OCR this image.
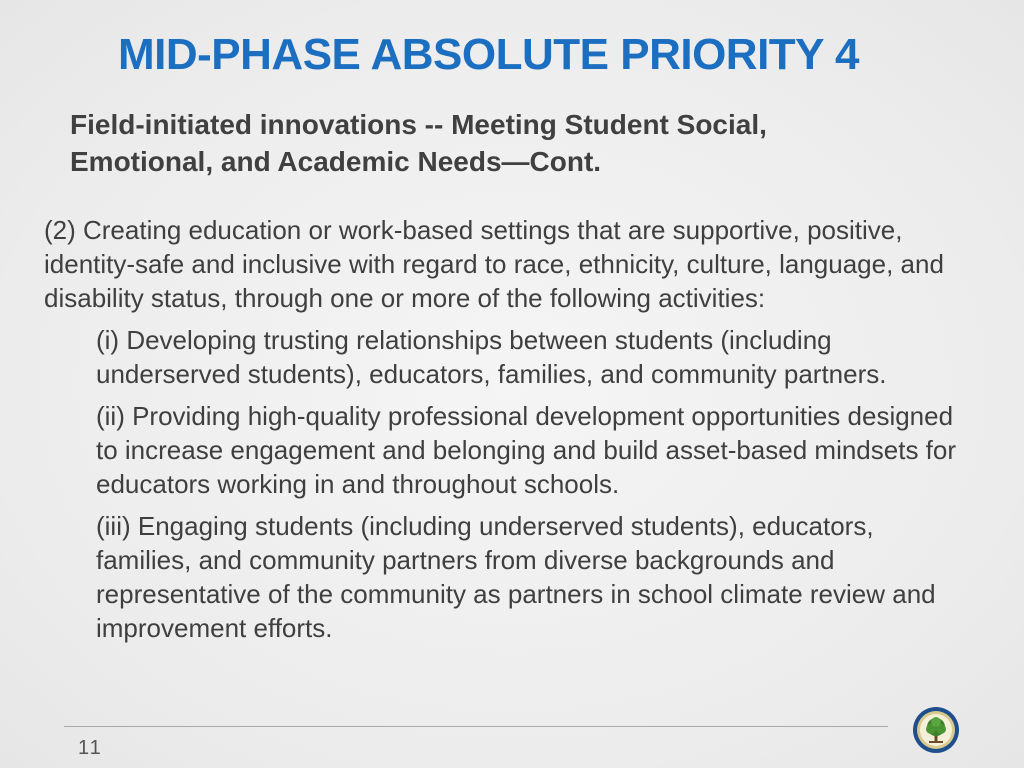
MID-PHASE ABSOLUTE PRIORITY 4
Field-initiated innovations -- Meeting Student Social, Emotional, and Academic Needs—Cont.

(2) Creating education or work-based settings that are supportive, positive, identity-safe and inclusive with regard to race, ethnicity, culture, language, and disability status, through one or more of the following activities:

(i) Developing trusting relationships between students (including underserved students), educators, families, and community partners.

(ii) Providing high-quality professional development opportunities designed to increase engagement and belonging and build asset-based mindsets for educators working in and throughout schools.

(iii) Engaging students (including underserved students), educators, families, and community partners from diverse backgrounds and representative of the community as partners in school climate review and improvement efforts.

11
